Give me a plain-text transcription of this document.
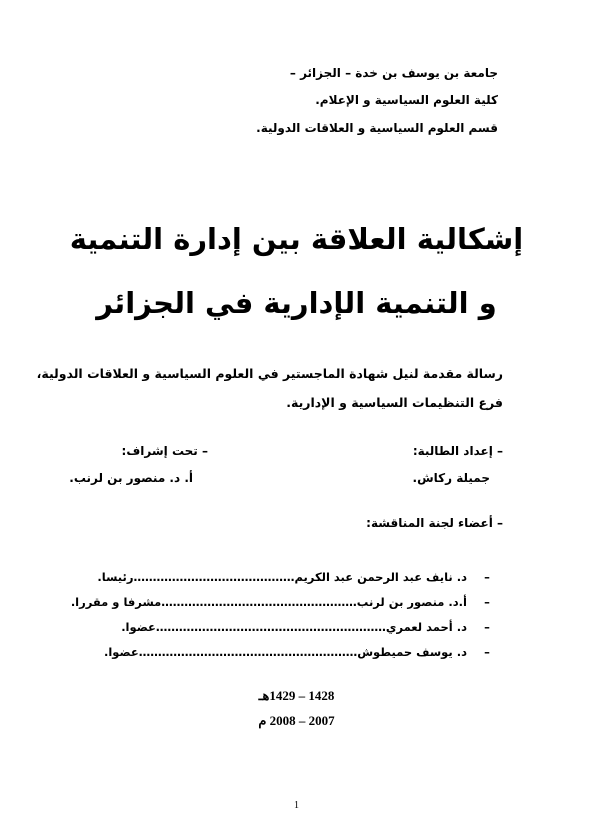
جامعة بن يوسف بن خدة – الجزائر –
كلية العلوم السياسية و الإعلام.
قسم العلوم السياسية و العلاقات الدولية.
إشكالية العلاقة بين إدارة التنمية
و التنمية الإدارية في الجزائر
رسالة مقدمة لنيل شهادة الماجستير في العلوم السياسية و العلاقات الدولية،
فرع التنظيمات السياسية و الإدارية.
– إعداد الطالبة:
جميلة ركاش.
– تحت إشراف:
أ. د. منصور بن لرنب.
– أعضاء لجنة المناقشة:
– د. نايف عبد الرحمن عبد الكريم……………………………………رئيسا.
– أ.د. منصور بن لرنب……………………………………………مشرفا و مقررا.
– د. أحمد لعمري……………………………………………………عضوا.
– د. يوسف حميطوش…………………………………………………عضوا.
1428 – 1429هـ
2007 – 2008 م
1
